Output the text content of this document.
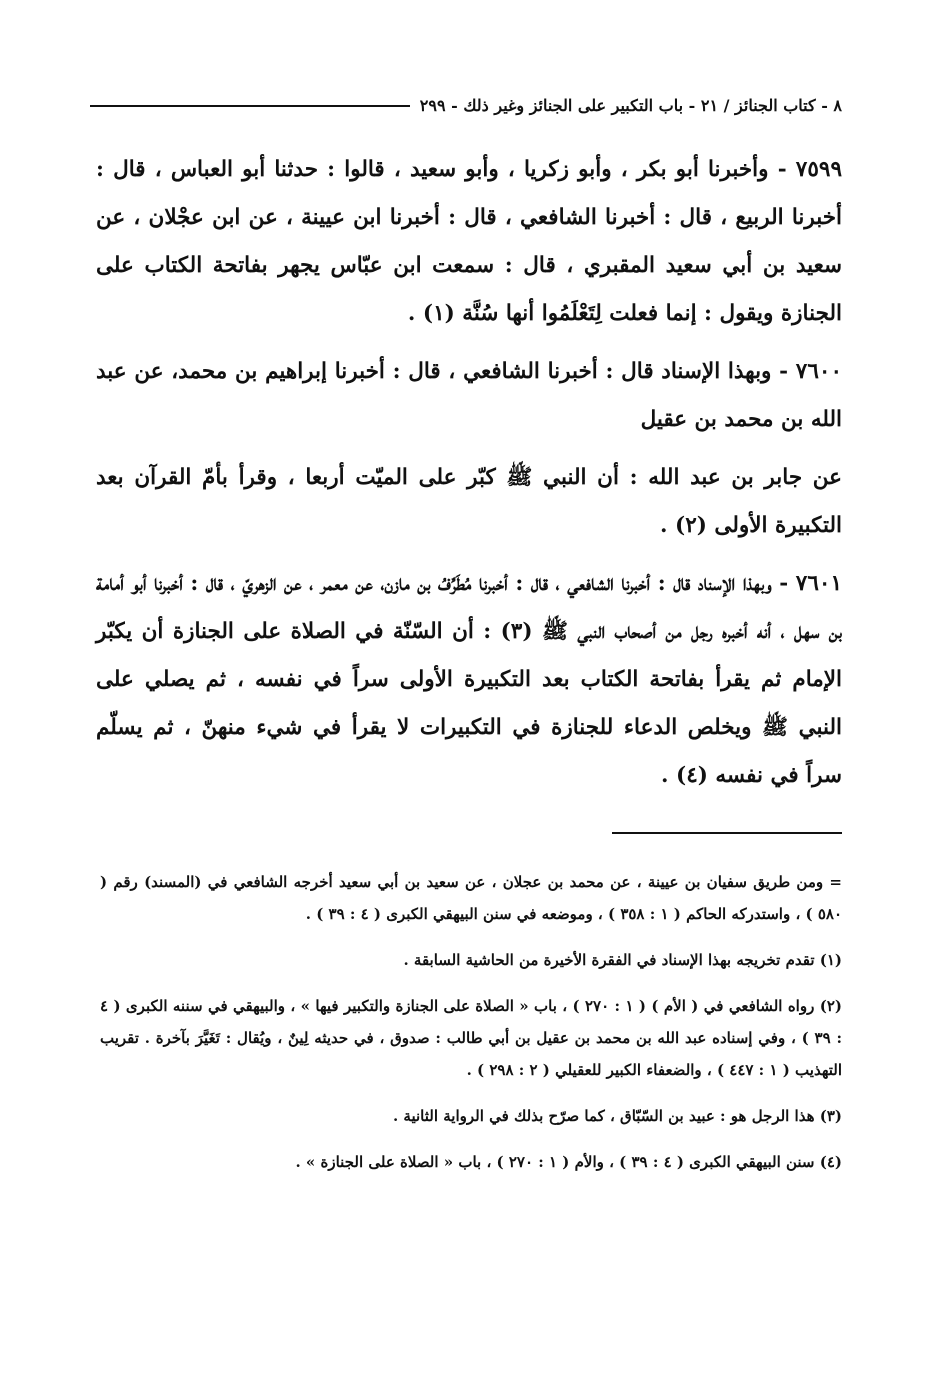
٨ - كتاب الجنائز / ٢١ - باب التكبير على الجنائز وغير ذلك - ٢٩٩

٧٥٩٩ - وأخبرنا أبو بكر ، وأبو زكريا ، وأبو سعيد ، قالوا : حدثنا أبو العباس ، قال : أخبرنا الربيع ، قال : أخبرنا الشافعي ، قال : أخبرنا ابن عيينة ، عن ابن عجْلان ، عن سعيد بن أبي سعيد المقبري ، قال : سمعت ابن عبّاس يجهر بفاتحة الكتاب على الجنازة ويقول : إنما فعلت لِتَعْلَمُوا أنها سُنَّة (١) .

٧٦٠٠ - وبهذا الإسناد قال : أخبرنا الشافعي ، قال : أخبرنا إبراهيم بن محمد، عن عبد الله بن محمد بن عقيل

عن جابر بن عبد الله : أن النبي ﷺ كبّر على الميّت أربعا ، وقرأ بأمّ القرآن بعد التكبيرة الأولى (٢) .

٧٦٠١ - وبهذا الإسناد قال : أخبرنا الشافعي ، قال : أخبرنا مُطَرِّفُ بن مازن، عن معمر ، عن الزهريّ ، قال : أخبرنا أبو أمامة بن سهل ، أنه أخبره رجل من أصحاب النبي ﷺ (٣) : أن السّنّة في الصلاة على الجنازة أن يكبّر الإمام ثم يقرأ بفاتحة الكتاب بعد التكبيرة الأولى سراً في نفسه ، ثم يصلي على النبي ﷺ ويخلص الدعاء للجنازة في التكبيرات لا يقرأ في شيء منهنّ ، ثم يسلّم سراً في نفسه (٤) .

= ومن طريق سفيان بن عيينة ، عن محمد بن عجلان ، عن سعيد بن أبي سعيد أخرجه الشافعي في (المسند) رقم ( ٥٨٠ ) ، واستدركه الحاكم ( ١ : ٣٥٨ ) ، وموضعه في سنن البيهقي الكبرى ( ٤ : ٣٩ ) .

(١) تقدم تخريجه بهذا الإسناد في الفقرة الأخيرة من الحاشية السابقة .

(٢) رواه الشافعي في ( الأم ) ( ١ : ٢٧٠ ) ، باب « الصلاة على الجنازة والتكبير فيها » ، والبيهقي في سننه الكبرى ( ٤ : ٣٩ ) ، وفي إسناده عبد الله بن محمد بن عقيل بن أبي طالب : صدوق ، في حديثه لِينٌ ، ويُقال : تَغَيَّرَ بآخرة . تقريب التهذيب ( ١ : ٤٤٧ ) ، والضعفاء الكبير للعقيلي ( ٢ : ٢٩٨ ) .

(٣) هذا الرجل هو : عبيد بن السّبّاق ، كما صرّح بذلك في الرواية الثانية .

(٤) سنن البيهقي الكبرى ( ٤ : ٣٩ ) ، والأم ( ١ : ٢٧٠ ) ، باب « الصلاة على الجنازة » .
